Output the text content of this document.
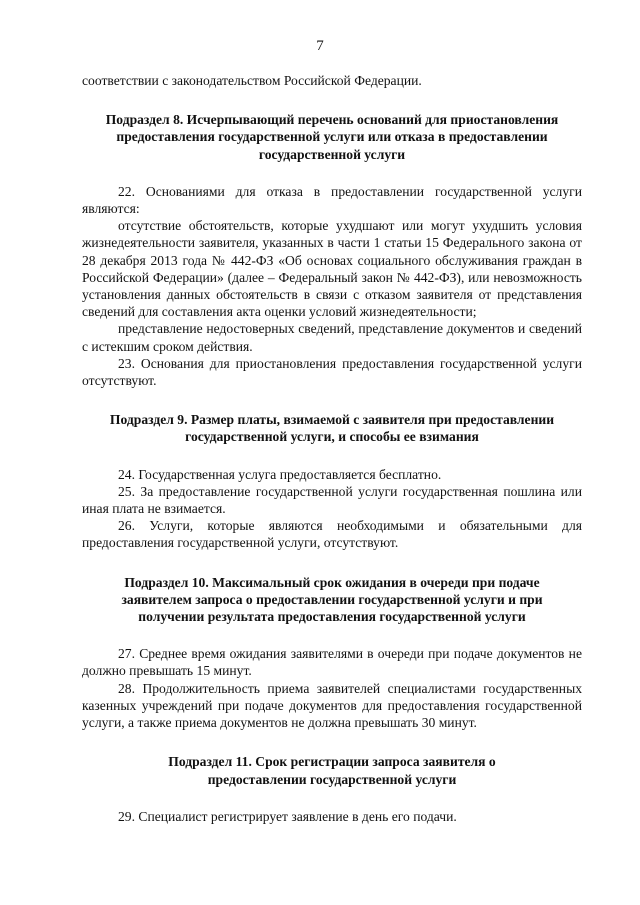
7

соответствии с законодательством Российской Федерации.

Подраздел 8. Исчерпывающий перечень оснований для приостановления предоставления государственной услуги или отказа в предоставлении государственной услуги

22. Основаниями для отказа в предоставлении государственной услуги являются:

отсутствие обстоятельств, которые ухудшают или могут ухудшить условия жизнедеятельности заявителя, указанных в части 1 статьи 15 Федерального закона от 28 декабря 2013 года № 442-ФЗ «Об основах социального обслуживания граждан в Российской Федерации» (далее – Федеральный закон № 442-ФЗ), или невозможность установления данных обстоятельств в связи с отказом заявителя от представления сведений для составления акта оценки условий жизнедеятельности;

представление недостоверных сведений, представление документов и сведений с истекшим сроком действия.

23. Основания для приостановления предоставления государственной услуги отсутствуют.

Подраздел 9. Размер платы, взимаемой с заявителя при предоставлении государственной услуги, и способы ее взимания

24. Государственная услуга предоставляется бесплатно.

25. За предоставление государственной услуги государственная пошлина или иная плата не взимается.

26. Услуги, которые являются необходимыми и обязательными для предоставления государственной услуги, отсутствуют.

Подраздел 10. Максимальный срок ожидания в очереди при подаче заявителем запроса о предоставлении государственной услуги и при получении результата предоставления государственной услуги

27. Среднее время ожидания заявителями в очереди при подаче документов не должно превышать 15 минут.

28. Продолжительность приема заявителей специалистами государственных казенных учреждений при подаче документов для предоставления государственной услуги, а также приема документов не должна превышать 30 минут.

Подраздел 11. Срок регистрации запроса заявителя о предоставлении государственной услуги

29. Специалист регистрирует заявление в день его подачи.
